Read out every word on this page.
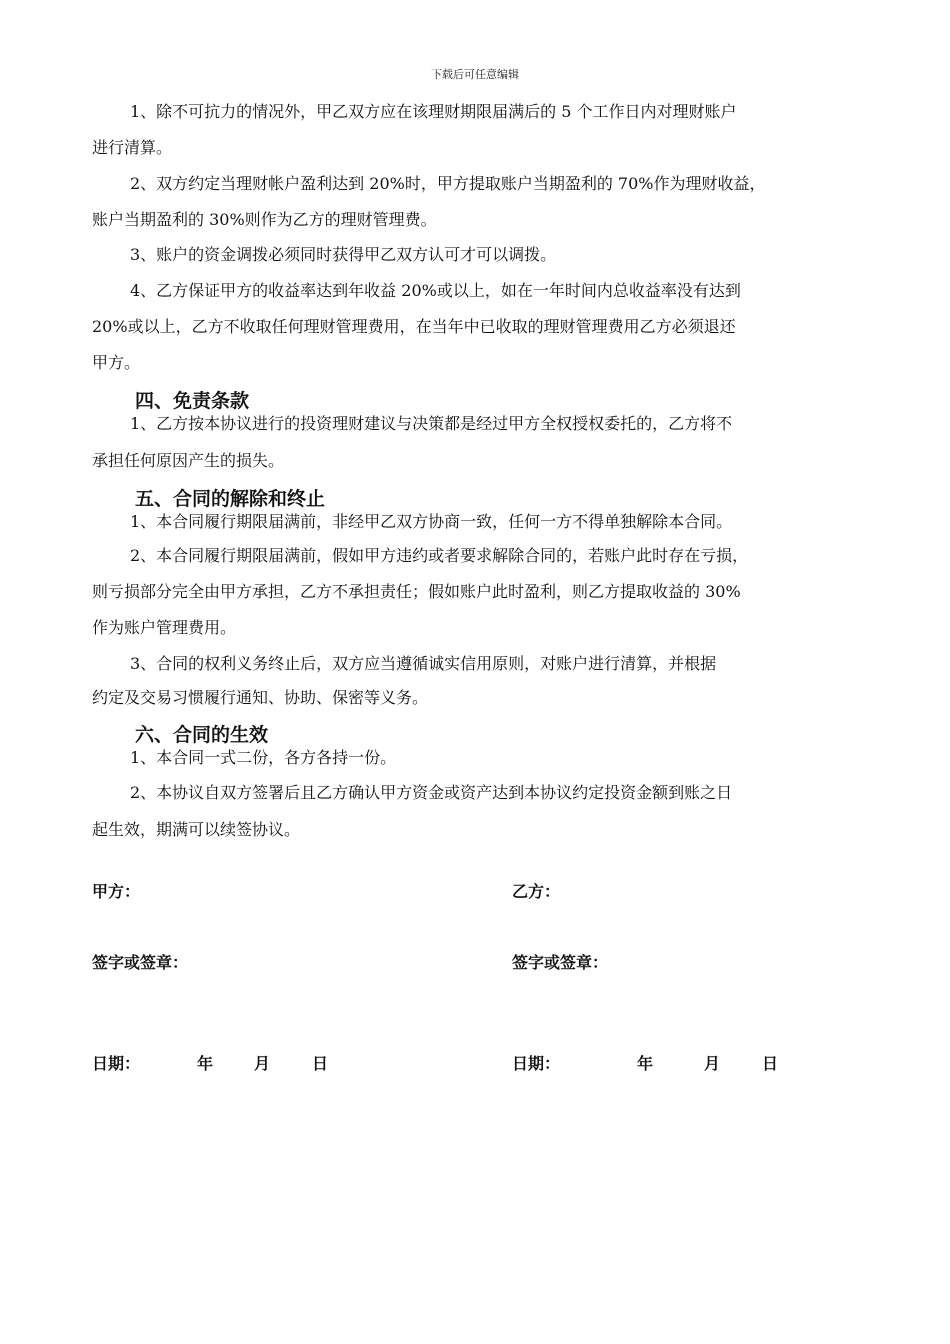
下载后可任意编辑
1、除不可抗力的情况外，甲乙双方应在该理财期限届满后的 5 个工作日内对理财账户
进行清算。
2、双方约定当理财帐户盈利达到 20%时，甲方提取账户当期盈利的 70%作为理财收益，
账户当期盈利的 30%则作为乙方的理财管理费。
3、账户的资金调拨必须同时获得甲乙双方认可才可以调拨。
4、乙方保证甲方的收益率达到年收益 20%或以上，如在一年时间内总收益率没有达到
20%或以上，乙方不收取任何理财管理费用，在当年中已收取的理财管理费用乙方必须退还
甲方。
四、免责条款
1、乙方按本协议进行的投资理财建议与决策都是经过甲方全权授权委托的，乙方将不
承担任何原因产生的损失。
五、合同的解除和终止
1、本合同履行期限届满前，非经甲乙双方协商一致，任何一方不得单独解除本合同。
2、本合同履行期限届满前，假如甲方违约或者要求解除合同的，若账户此时存在亏损，
则亏损部分完全由甲方承担，乙方不承担责任；假如账户此时盈利，则乙方提取收益的 30%
作为账户管理费用。
3、合同的权利义务终止后，双方应当遵循诚实信用原则，对账户进行清算，并根据
约定及交易习惯履行通知、协助、保密等义务。
六、合同的生效
1、本合同一式二份，各方各持一份。
2、本协议自双方签署后且乙方确认甲方资金或资产达到本协议约定投资金额到账之日
起生效，期满可以续签协议。
甲方：	乙方：
签字或签章：	签字或签章：
日期：	年	月	日	日期：	年	月	日
